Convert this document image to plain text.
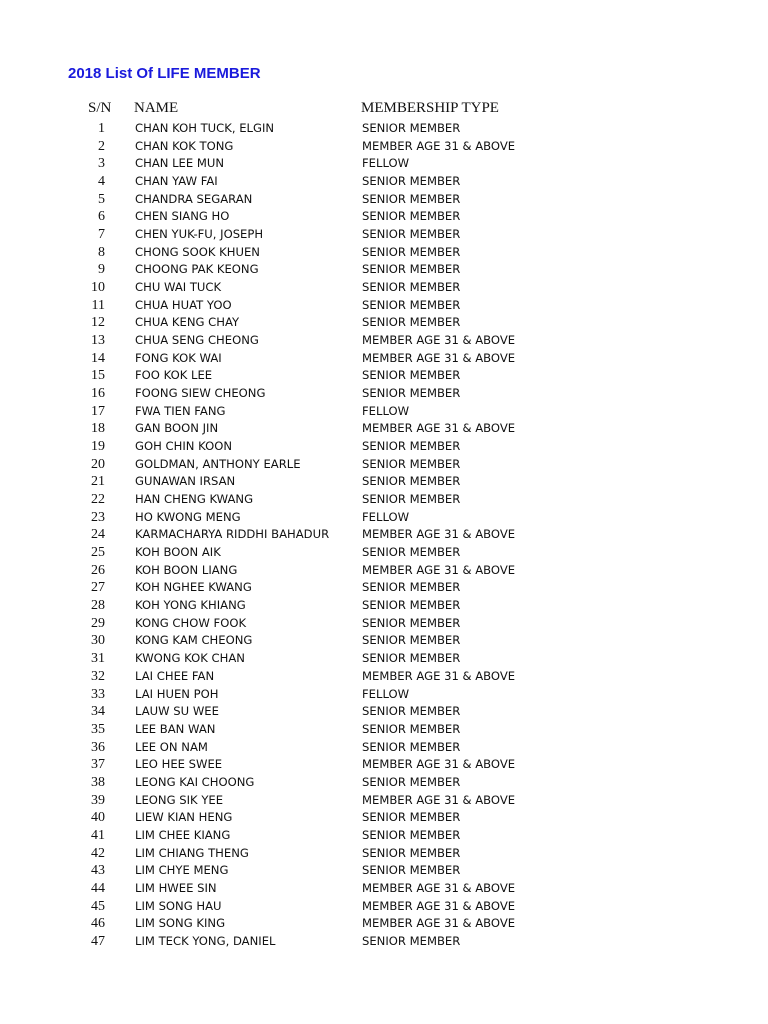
2018 List Of LIFE MEMBER
S/N NAME	MEMBERSHIP TYPE
1	CHAN KOH TUCK, ELGIN	SENIOR MEMBER
2	CHAN KOK TONG	MEMBER AGE 31 & ABOVE
3	CHAN LEE MUN	FELLOW
4	CHAN YAW FAI	SENIOR MEMBER
5	CHANDRA SEGARAN	SENIOR MEMBER
6	CHEN SIANG HO	SENIOR MEMBER
7	CHEN YUK-FU, JOSEPH	SENIOR MEMBER
8	CHONG SOOK KHUEN	SENIOR MEMBER
9	CHOONG PAK KEONG	SENIOR MEMBER
10	CHU WAI TUCK	SENIOR MEMBER
11	CHUA HUAT YOO	SENIOR MEMBER
12	CHUA KENG CHAY	SENIOR MEMBER
13	CHUA SENG CHEONG	MEMBER AGE 31 & ABOVE
14	FONG KOK WAI	MEMBER AGE 31 & ABOVE
15	FOO KOK LEE	SENIOR MEMBER
16	FOONG SIEW CHEONG	SENIOR MEMBER
17	FWA TIEN FANG	FELLOW
18	GAN BOON JIN	MEMBER AGE 31 & ABOVE
19	GOH CHIN KOON	SENIOR MEMBER
20	GOLDMAN, ANTHONY EARLE	SENIOR MEMBER
21	GUNAWAN IRSAN	SENIOR MEMBER
22	HAN CHENG KWANG	SENIOR MEMBER
23	HO KWONG MENG	FELLOW
24	KARMACHARYA RIDDHI BAHADUR	MEMBER AGE 31 & ABOVE
25	KOH BOON AIK	SENIOR MEMBER
26	KOH BOON LIANG	MEMBER AGE 31 & ABOVE
27	KOH NGHEE KWANG	SENIOR MEMBER
28	KOH YONG KHIANG	SENIOR MEMBER
29	KONG CHOW FOOK	SENIOR MEMBER
30	KONG KAM CHEONG	SENIOR MEMBER
31	KWONG KOK CHAN	SENIOR MEMBER
32	LAI CHEE FAN	MEMBER AGE 31 & ABOVE
33	LAI HUEN POH	FELLOW
34	LAUW SU WEE	SENIOR MEMBER
35	LEE BAN WAN	SENIOR MEMBER
36	LEE ON NAM	SENIOR MEMBER
37	LEO HEE SWEE	MEMBER AGE 31 & ABOVE
38	LEONG KAI CHOONG	SENIOR MEMBER
39	LEONG SIK YEE	MEMBER AGE 31 & ABOVE
40	LIEW KIAN HENG	SENIOR MEMBER
41	LIM CHEE KIANG	SENIOR MEMBER
42	LIM CHIANG THENG	SENIOR MEMBER
43	LIM CHYE MENG	SENIOR MEMBER
44	LIM HWEE SIN	MEMBER AGE 31 & ABOVE
45	LIM SONG HAU	MEMBER AGE 31 & ABOVE
46	LIM SONG KING	MEMBER AGE 31 & ABOVE
47	LIM TECK YONG, DANIEL	SENIOR MEMBER
